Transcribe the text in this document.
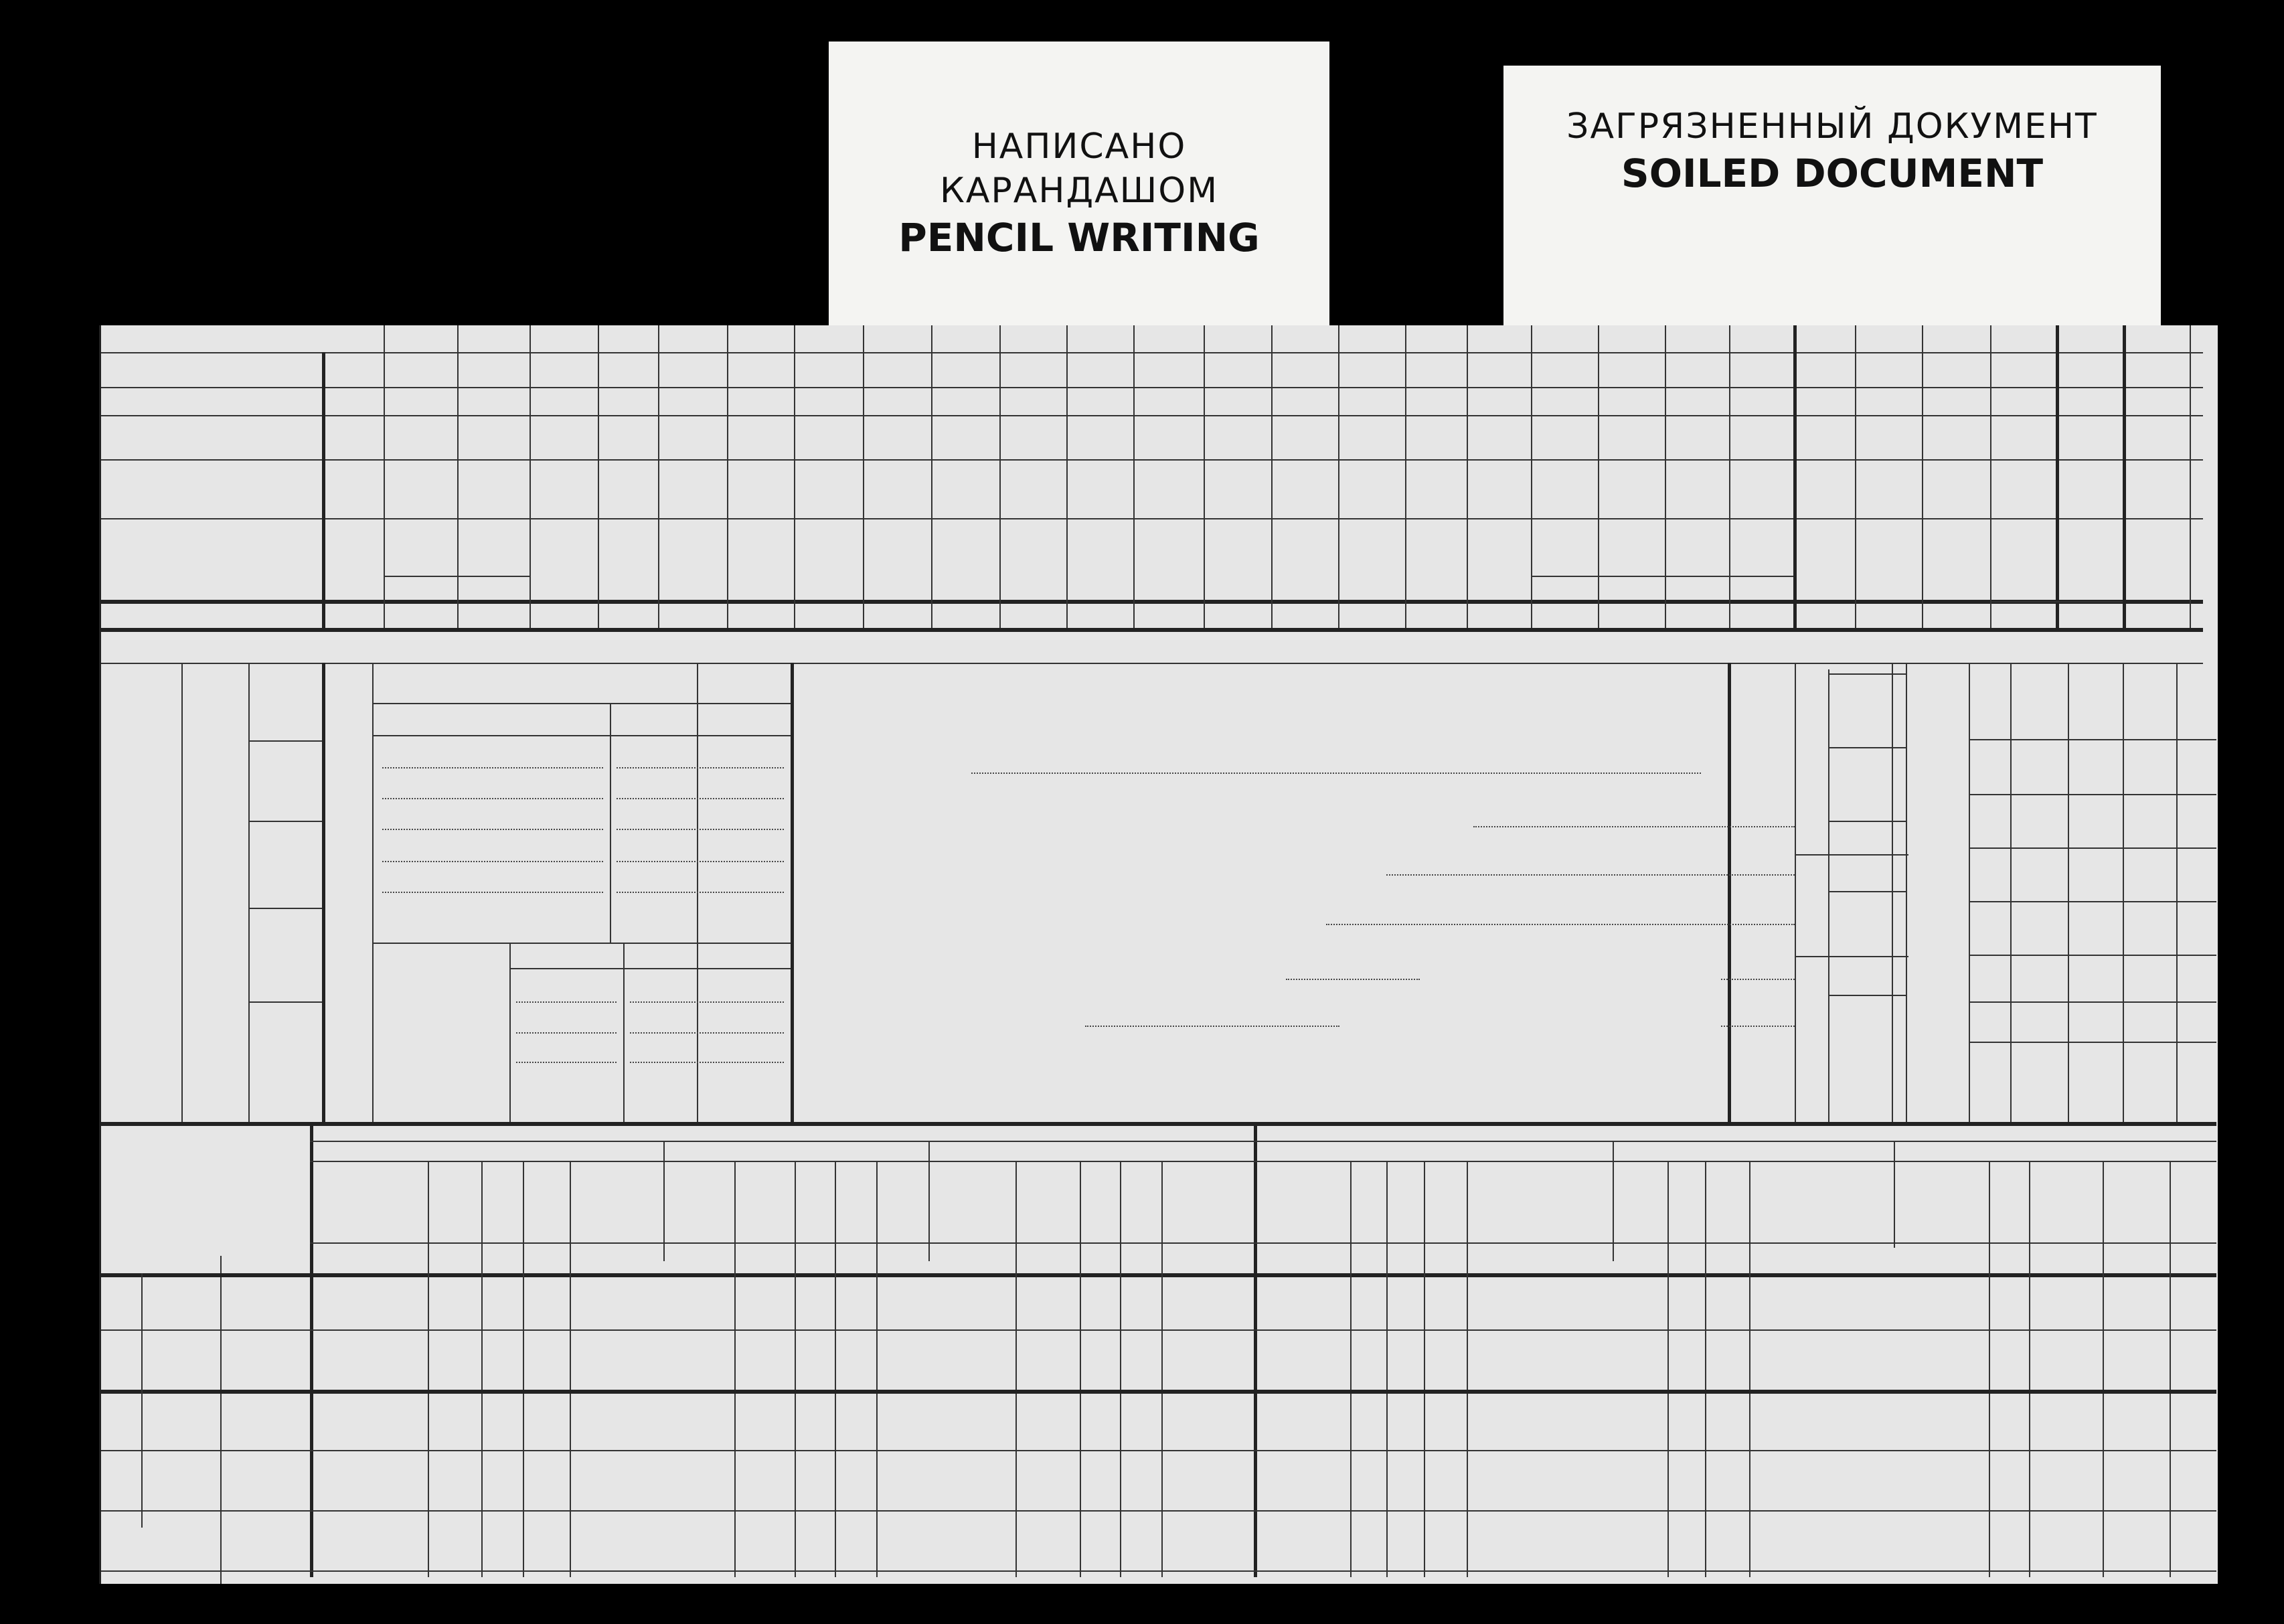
НАПИСАНО
КАРАНДАШОМ
PENCIL WRITING
ЗАГРЯЗНЕННЫЙ ДОКУМЕНТ
SOILED DOCUMENT
